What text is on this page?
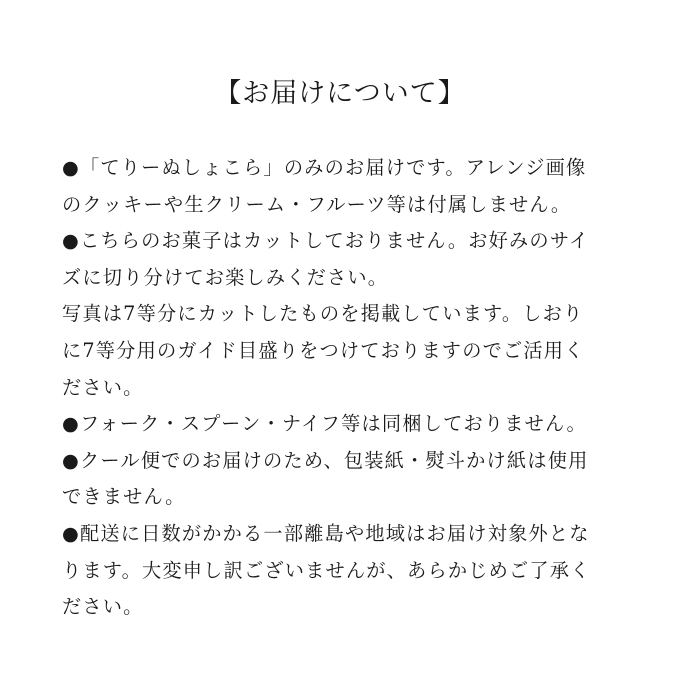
【お届けについて】
●「てりーぬしょこら」のみのお届けです。アレンジ画像
のクッキーや生クリーム・フルーツ等は付属しません。
●こちらのお菓子はカットしておりません。お好みのサイ
ズに切り分けてお楽しみください。
写真は7等分にカットしたものを掲載しています。しおり
に7等分用のガイド目盛りをつけておりますのでご活用く
ださい。
●フォーク・スプーン・ナイフ等は同梱しておりません。
●クール便でのお届けのため、包装紙・熨斗かけ紙は使用
できません。
●配送に日数がかかる一部離島や地域はお届け対象外とな
ります。大変申し訳ございませんが、あらかじめご了承く
ださい。
